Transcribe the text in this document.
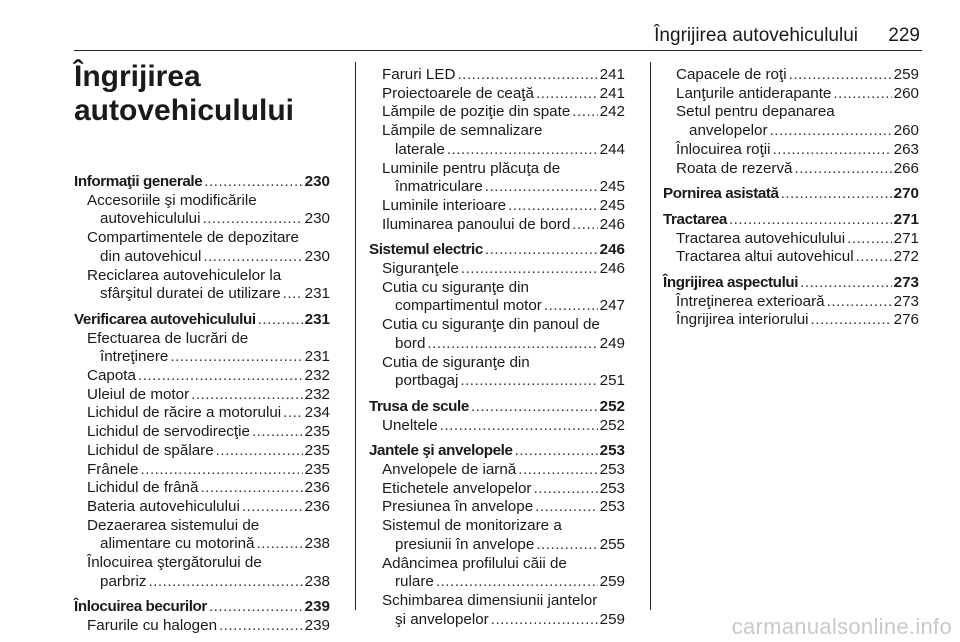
Îngrijirea autovehiculului 229
Îngrijirea autovehiculului
Informaţii generale .....	230
Accesoriile şi modificările
autovehiculului .....	230
Compartimentele de depozitare
din autovehicul .....	230
Reciclarea autovehiculelor la
sfârşitul duratei de utilizare ..... 231
Verificarea autovehiculului .....	231
Efectuarea de lucrări de
întreţinere .....	231
Capota .....	232
Uleiul de motor .....	232
Lichidul de răcire a motorului ..... 234
Lichidul de servodirecţie .....	235
Lichidul de spălare .....	235
Frânele .....	235
Lichidul de frână .....	236
Bateria autovehiculului .....	236
Dezaerarea sistemului de
alimentare cu motorină .....	238
Înlocuirea ştergătorului de
parbriz .....	238
Înlocuirea becurilor .....	239
Farurile cu halogen .....	239
Faruri LED .....	241
Proiectoarele de ceaţă .....	241
Lămpile de poziţie din spate ..... 242
Lămpile de semnalizare
laterale .....	244
Luminile pentru plăcuţa de
înmatriculare .....	245
Luminile interioare .....	245
Iluminarea panoului de bord ..... 246
Sistemul electric .....	246
Siguranţele .....	246
Cutia cu siguranţe din
compartimentul motor .....	247
Cutia cu siguranţe din panoul de
bord .....	249
Cutia de siguranţe din
portbagaj .....	251
Trusa de scule .....	252
Uneltele .....	252
Jantele şi anvelopele .....	253
Anvelopele de iarnă .....	253
Etichetele anvelopelor .....	253
Presiunea în anvelope .....	253
Sistemul de monitorizare a
presiunii în anvelope .....	255
Adâncimea profilului căii de
rulare .....	259
Schimbarea dimensiunii jantelor
şi anvelopelor .....	259
Capacele de roţi .....	259
Lanţurile antiderapante .....	260
Setul pentru depanarea
anvelopelor .....	260
Înlocuirea roţii .....	263
Roata de rezervă .....	266
Pornirea asistată .....	270
Tractarea .....	271
Tractarea autovehiculului .....	271
Tractarea altui autovehicul .....	272
Îngrijirea aspectului .....	273
Întreţinerea exterioară .....	273
Îngrijirea interiorului .....	276
carmanualsonline.info
